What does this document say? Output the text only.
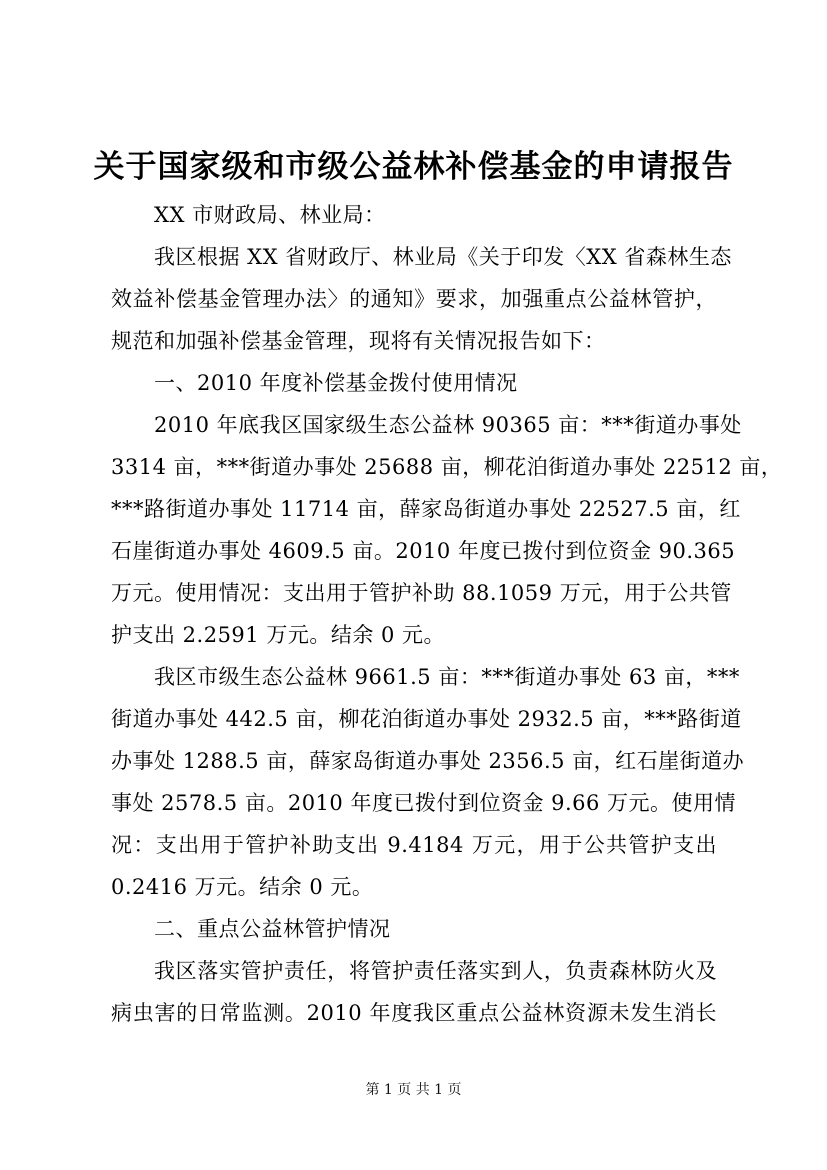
关于国家级和市级公益林补偿基金的申请报告
XX 市财政局、林业局：
我区根据 XX 省财政厅、林业局《关于印发〈XX 省森林生态
效益补偿基金管理办法〉的通知》要求，加强重点公益林管护，
规范和加强补偿基金管理，现将有关情况报告如下：
一、2010 年度补偿基金拨付使用情况
2010 年底我区国家级生态公益林 90365 亩：***街道办事处
3314 亩，***街道办事处 25688 亩，柳花泊街道办事处 22512 亩，
***路街道办事处 11714 亩，薛家岛街道办事处 22527.5 亩，红
石崖街道办事处 4609.5 亩。2010 年度已拨付到位资金 90.365
万元。使用情况：支出用于管护补助 88.1059 万元，用于公共管
护支出 2.2591 万元。结余 0 元。
我区市级生态公益林 9661.5 亩：***街道办事处 63 亩，***
街道办事处 442.5 亩，柳花泊街道办事处 2932.5 亩，***路街道
办事处 1288.5 亩，薛家岛街道办事处 2356.5 亩，红石崖街道办
事处 2578.5 亩。2010 年度已拨付到位资金 9.66 万元。使用情
况：支出用于管护补助支出 9.4184 万元，用于公共管护支出
0.2416 万元。结余 0 元。
二、重点公益林管护情况
我区落实管护责任，将管护责任落实到人，负责森林防火及
病虫害的日常监测。2010 年度我区重点公益林资源未发生消长
第 1 页 共 1 页
